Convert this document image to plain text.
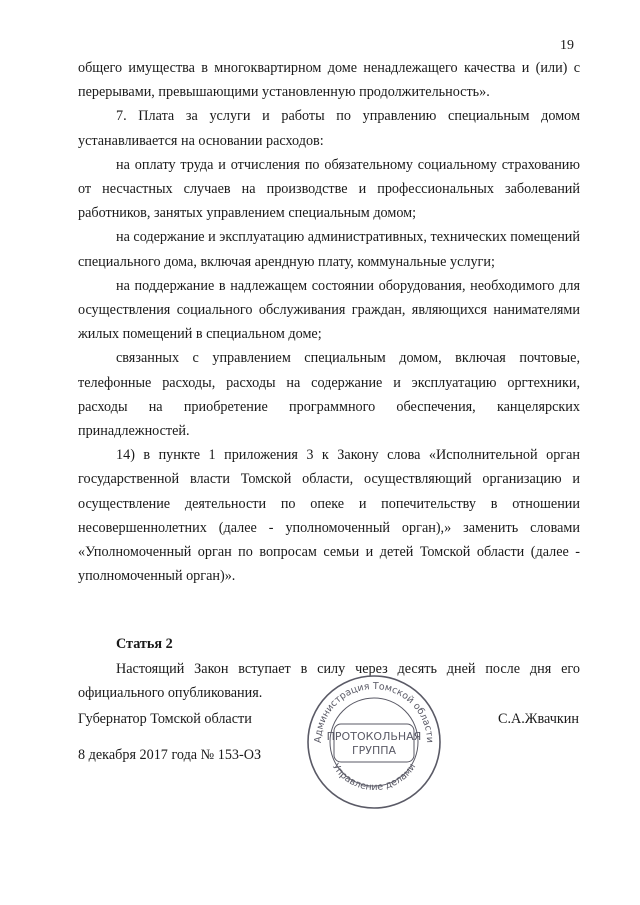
19

общего имущества в многоквартирном доме ненадлежащего качества и (или) с перерывами, превышающими установленную продолжительность».

7. Плата за услуги и работы по управлению специальным домом устанавливается на основании расходов:

на оплату труда и отчисления по обязательному социальному страхованию от несчастных случаев на производстве и профессиональных заболеваний работников, занятых управлением специальным домом;

на содержание и эксплуатацию административных, технических помещений специального дома, включая арендную плату, коммунальные услуги;

на поддержание в надлежащем состоянии оборудования, необходимого для осуществления социального обслуживания граждан, являющихся нанимателями жилых помещений в специальном доме;

связанных с управлением специальным домом, включая почтовые, телефонные расходы, расходы на содержание и эксплуатацию оргтехники, расходы на приобретение программного обеспечения, канцелярских принадлежностей.

14) в пункте 1 приложения 3 к Закону слова «Исполнительной орган государственной власти Томской области, осуществляющий организацию и осуществление деятельности по опеке и попечительству в отношении несовершеннолетних (далее - уполномоченный орган),» заменить словами «Уполномоченный орган по вопросам семьи и детей Томской области (далее - уполномоченный орган)».

Статья 2

Настоящий Закон вступает в силу через десять дней после дня его официального опубликования.

Губернатор Томской области	С.А.Жвачкин
8 декабря 2017 года № 153-ОЗ
Администрация Томской области
Управление делами
ПРОТОКОЛЬНАЯ
ГРУППА
